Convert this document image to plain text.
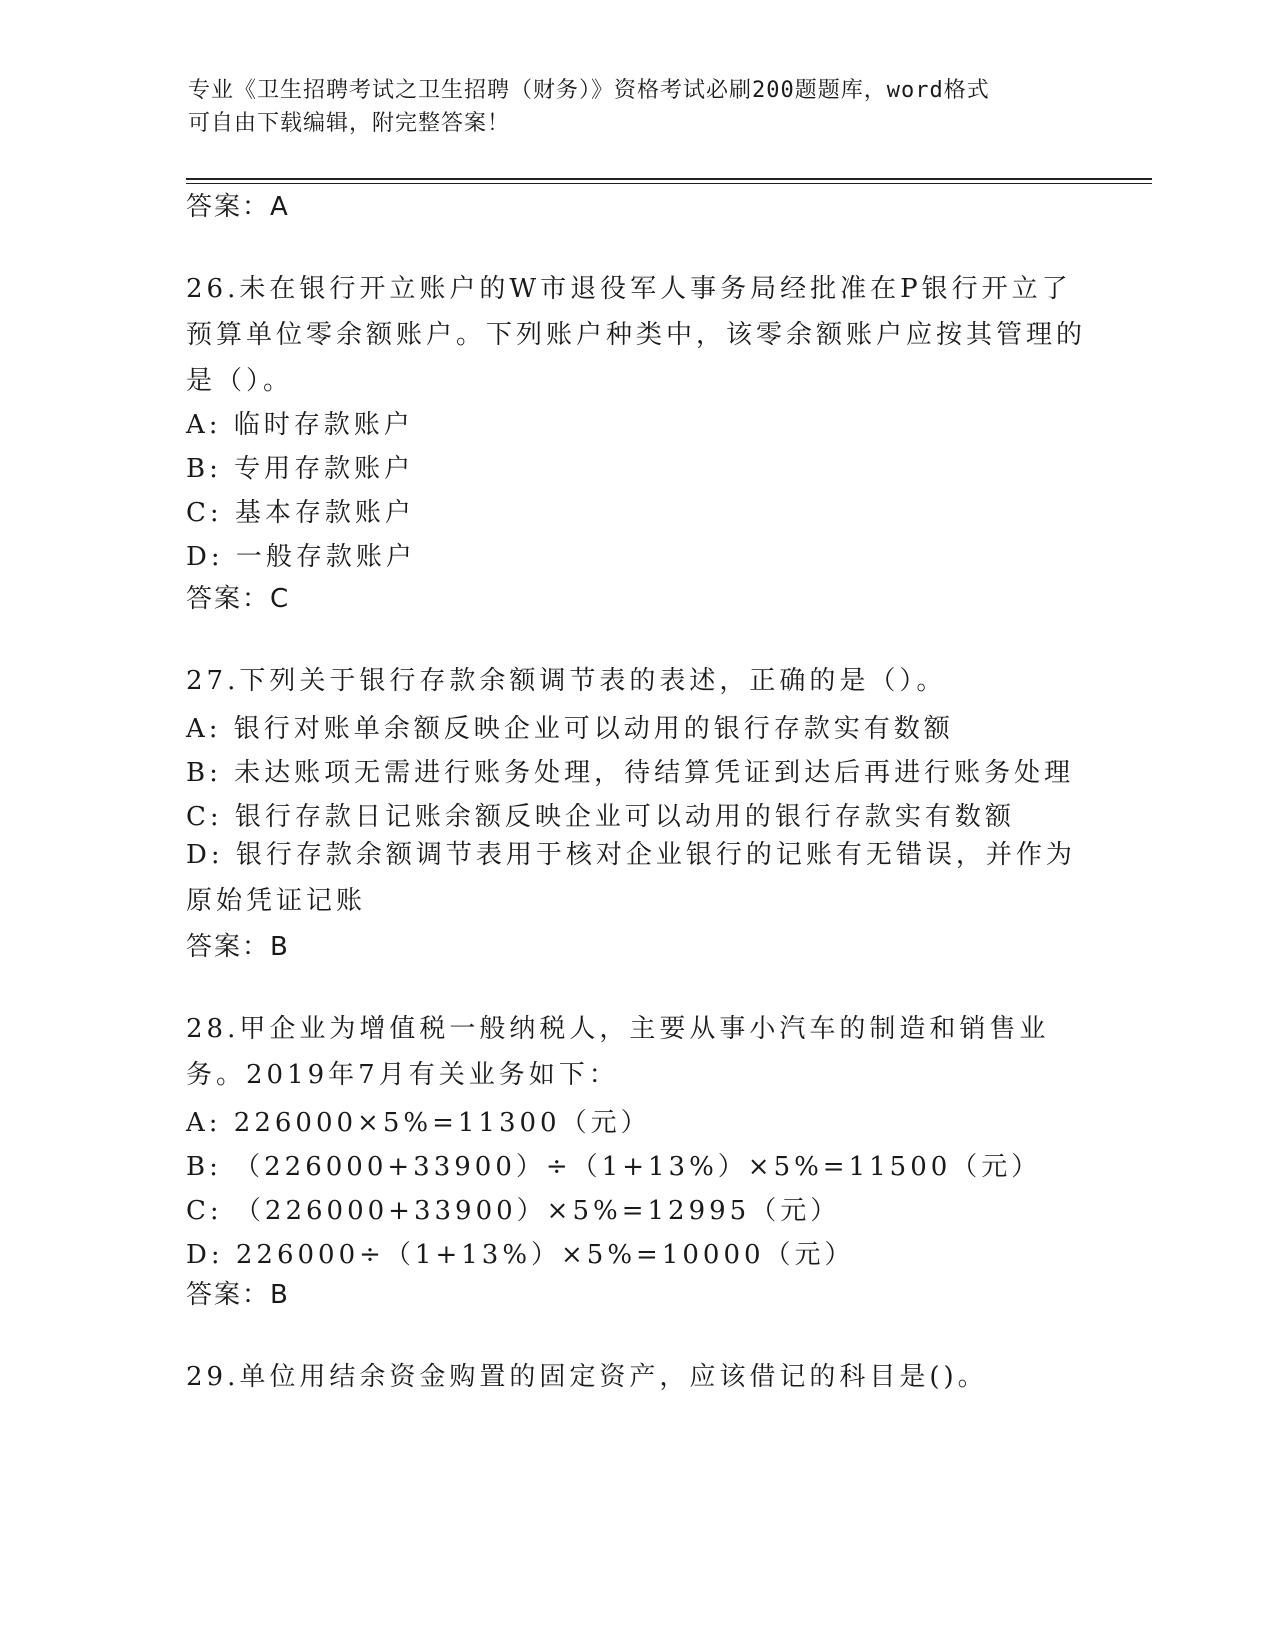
专业《卫生招聘考试之卫生招聘（财务）》资格考试必刷200题题库，word格式
可自由下载编辑，附完整答案！
答案：A
26.未在银行开立账户的W市退役军人事务局经批准在P银行开立了预算单位零余额账户。下列账户种类中，该零余额账户应按其管理的是（）。
A: 临时存款账户
B: 专用存款账户
C: 基本存款账户
D: 一般存款账户
答案：C
27.下列关于银行存款余额调节表的表述，正确的是（）。
A: 银行对账单余额反映企业可以动用的银行存款实有数额
B: 未达账项无需进行账务处理，待结算凭证到达后再进行账务处理
C: 银行存款日记账余额反映企业可以动用的银行存款实有数额
D: 银行存款余额调节表用于核对企业银行的记账有无错误，并作为原始凭证记账
答案：B
28.甲企业为增值税一般纳税人，主要从事小汽车的制造和销售业务。2019年7月有关业务如下：
A: 226000×5%=11300（元）
B: （226000+33900）÷（1+13%）×5%=11500（元）
C: （226000+33900）×5%=12995（元）
D: 226000÷（1+13%）×5%=10000（元）
答案：B
29.单位用结余资金购置的固定资产，应该借记的科目是()。
